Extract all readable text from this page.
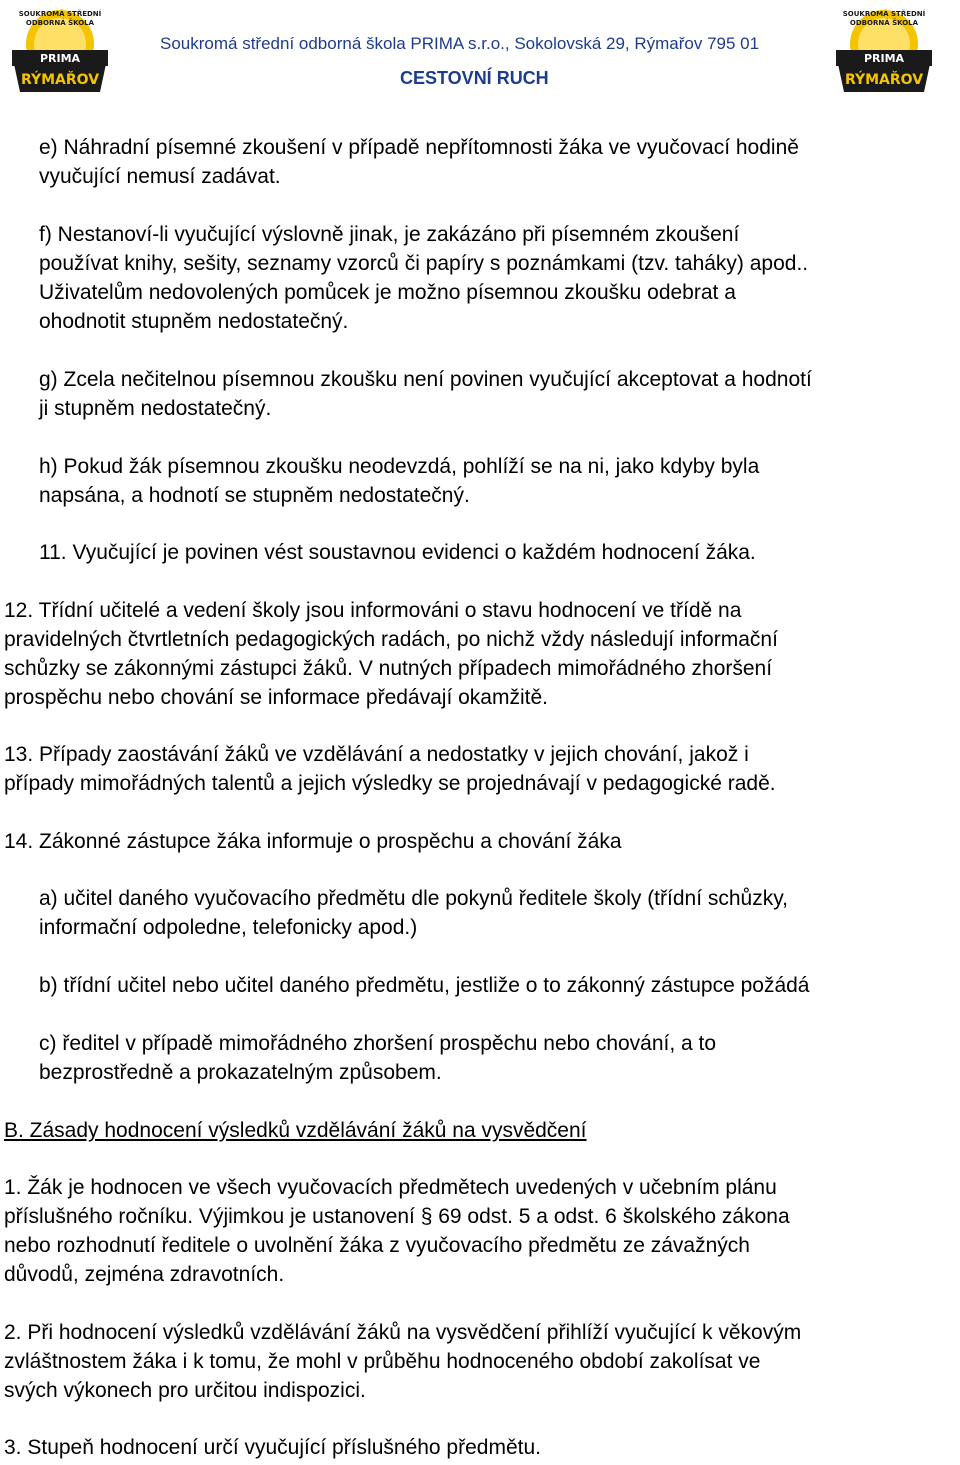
SOUKROMÁ STŘEDNÍ
ODBORNÁ ŠKOLA
PRIMA
RÝMAŘOV
SOUKROMÁ STŘEDNÍ
ODBORNÁ ŠKOLA
PRIMA
RÝMAŘOV
Soukromá střední odborná škola PRIMA s.r.o., Sokolovská 29, Rýmařov 795 01
CESTOVNÍ RUCH
e) Náhradní písemné zkoušení v případě nepřítomnosti žáka ve vyučovací hodině
vyučující nemusí zadávat.
f) Nestanoví-li vyučující výslovně jinak, je zakázáno při písemném zkoušení
používat knihy, sešity, seznamy vzorců či papíry s poznámkami (tzv. taháky) apod..
Uživatelům nedovolených pomůcek je možno písemnou zkoušku odebrat a
ohodnotit stupněm nedostatečný.
g) Zcela nečitelnou písemnou zkoušku není povinen vyučující akceptovat a hodnotí
ji stupněm nedostatečný.
h) Pokud žák písemnou zkoušku neodevzdá, pohlíží se na ni, jako kdyby byla
napsána, a hodnotí se stupněm nedostatečný.
11. Vyučující je povinen vést soustavnou evidenci o každém hodnocení žáka.
12. Třídní učitelé a vedení školy jsou informováni o stavu hodnocení ve třídě na
pravidelných čtvrtletních pedagogických radách, po nichž vždy následují informační
schůzky se zákonnými zástupci žáků. V nutných případech mimořádného zhoršení
prospěchu nebo chování se informace předávají okamžitě.
13. Případy zaostávání žáků ve vzdělávání a nedostatky v jejich chování, jakož i
případy mimořádných talentů a jejich výsledky se projednávají v pedagogické radě.
14. Zákonné zástupce žáka informuje o prospěchu a chování žáka
a) učitel daného vyučovacího předmětu dle pokynů ředitele školy (třídní schůzky,
informační odpoledne, telefonicky apod.)
b) třídní učitel nebo učitel daného předmětu, jestliže o to zákonný zástupce požádá
c) ředitel v případě mimořádného zhoršení prospěchu nebo chování, a to
bezprostředně a prokazatelným způsobem.
B. Zásady hodnocení výsledků vzdělávání žáků na vysvědčení
1. Žák je hodnocen ve všech vyučovacích předmětech uvedených v učebním plánu
příslušného ročníku. Výjimkou je ustanovení § 69 odst. 5 a odst. 6 školského zákona
nebo rozhodnutí ředitele o uvolnění žáka z vyučovacího předmětu ze závažných
důvodů, zejména zdravotních.
2. Při hodnocení výsledků vzdělávání žáků na vysvědčení přihlíží vyučující k věkovým
zvláštnostem žáka i k tomu, že mohl v průběhu hodnoceného období zakolísat ve
svých výkonech pro určitou indispozici.
3. Stupeň hodnocení určí vyučující příslušného předmětu.
